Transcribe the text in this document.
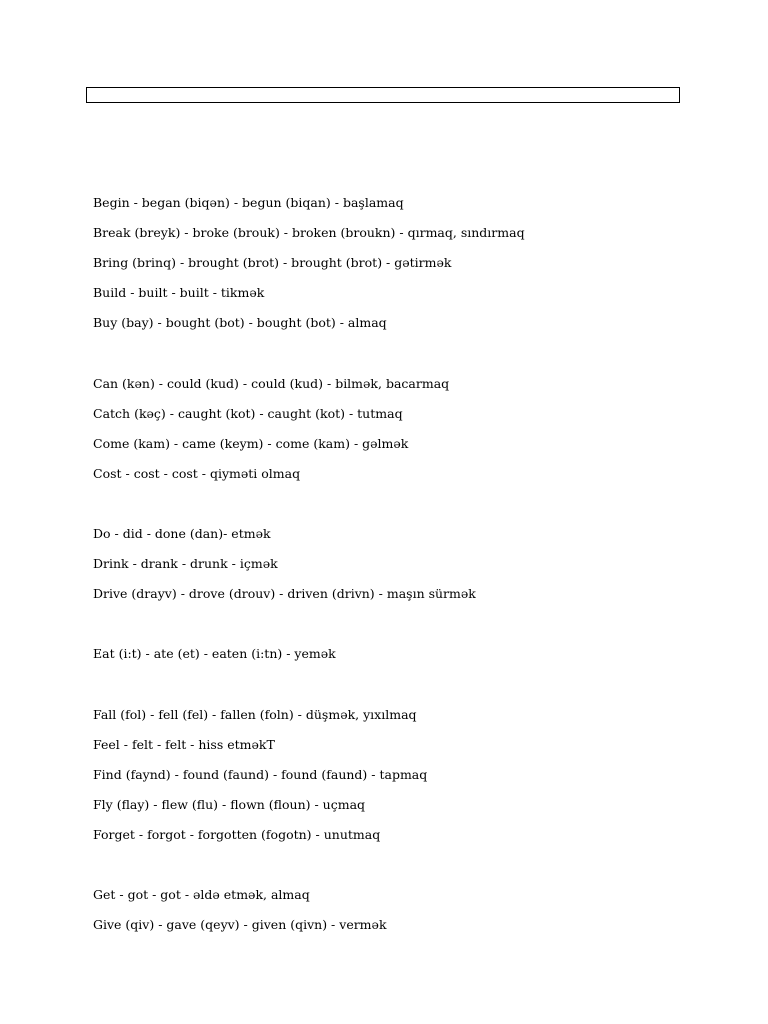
Begin - began (biqən) - begun (biqan) - başlamaq
Break (breyk) - broke (brouk) - broken (broukn) - qırmaq, sındırmaq
Bring (brinq) - brought (brot) - brought (brot) - gətirmək
Build - built - built - tikmək
Buy (bay) - bought (bot) - bought (bot) - almaq
Can (kən) - could (kud) - could (kud) - bilmək, bacarmaq
Catch (kəç) - caught (kot) - caught (kot) - tutmaq
Come (kam) - came (keym) - come (kam) - gəlmək
Cost - cost - cost - qiyməti olmaq
Do - did - done (dan)- etmək
Drink - drank - drunk - içmək
Drive (drayv) - drove (drouv) - driven (drivn) - maşın sürmək
Eat (i:t) - ate (et) - eaten (i:tn) - yemək
Fall (fol) - fell (fel) - fallen (foln) - düşmək, yıxılmaq
Feel - felt - felt - hiss etməkT
Find (faynd) - found (faund) - found (faund) - tapmaq
Fly (flay) - flew (flu) - flown (floun) - uçmaq
Forget - forgot - forgotten (fogotn) - unutmaq
Get - got - got - əldə etmək, almaq
Give (qiv) - gave (qeyv) - given (qivn) - vermək
